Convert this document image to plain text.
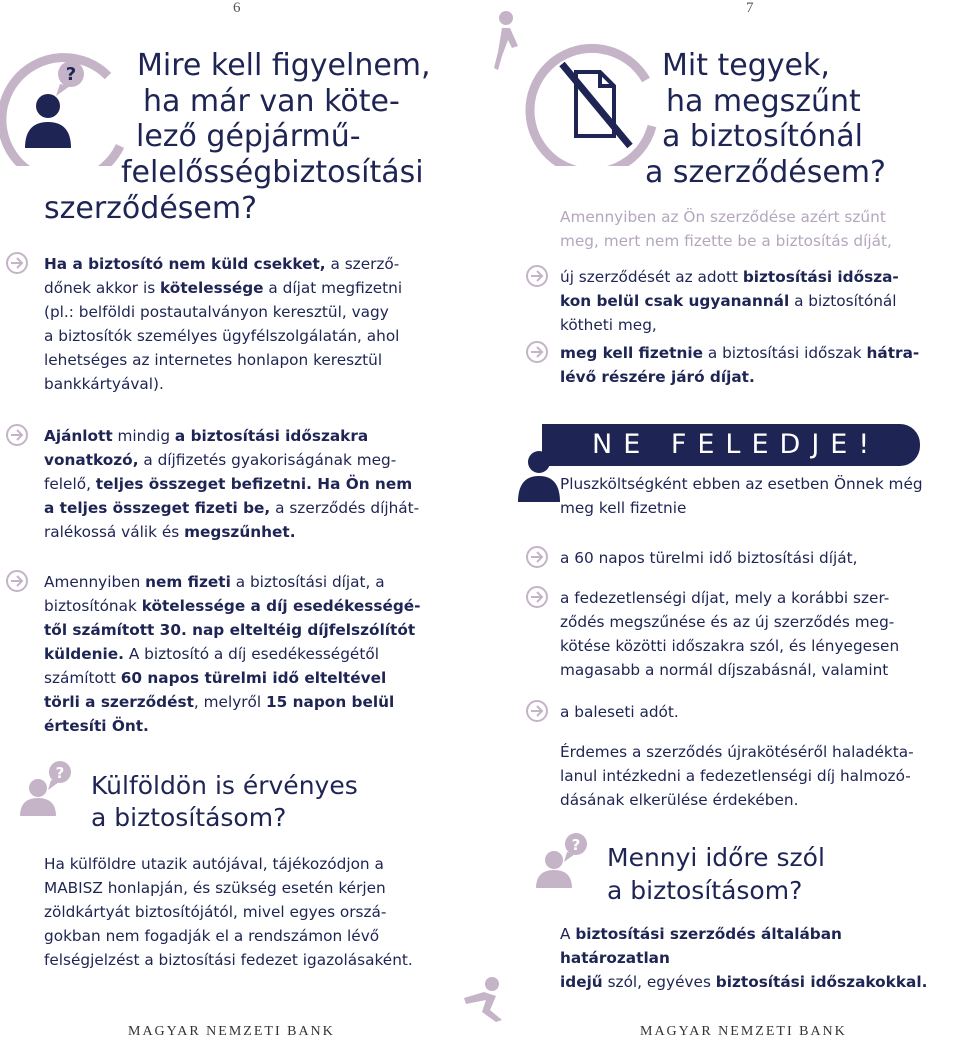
6	7
? Mire kell figyelnem,
ha már van köte-
lező gépjármű-
felelősségbiztosítási
szerződésem?
Ha a biztosító nem küld csekket, a szerző-
dőnek akkor is kötelessége a díjat megfizetni
(pl.: belföldi postautalványon keresztül, vagy
a biztosítók személyes ügyfélszolgálatán, ahol
lehetséges az internetes honlapon keresztül
bankkártyával).
Ajánlott mindig a biztosítási időszakra
vonatkozó, a díjfizetés gyakoriságának meg-
felelő, teljes összeget befizetni. Ha Ön nem
a teljes összeget fizeti be, a szerződés díjhát-
ralékossá válik és megszűnhet.
Amennyiben nem fizeti a biztosítási díjat, a
biztosítónak kötelessége a díj esedékességé-
től számított 30. nap elteltéig díjfelszólítót
küldenie. A biztosító a díj esedékességétől
számított 60 napos türelmi idő elteltével
törli a szerződést, melyről 15 napon belül
értesíti Önt.
? Külföldön is érvényes
a biztosításom?
Ha külföldre utazik autójával, tájékozódjon a
MABISZ honlapján, és szükség esetén kérjen
zöldkártyát biztosítójától, mivel egyes orszá-
gokban nem fogadják el a rendszámon lévő
felségjelzést a biztosítási fedezet igazolásaként.
Mit tegyek,
ha megszűnt
a biztosítónál
a szerződésem?
Amennyiben az Ön szerződése azért szűnt
meg, mert nem fizette be a biztosítás díját,
új szerződését az adott biztosítási idősza-
kon belül csak ugyanannál a biztosítónál
kötheti meg,
meg kell fizetnie a biztosítási időszak hátra-
lévő részére járó díjat.
NE FELEDJE!
Pluszköltségként ebben az esetben Önnek még
meg kell fizetnie
a 60 napos türelmi idő biztosítási díját,
a fedezetlenségi díjat, mely a korábbi szer-
ződés megszűnése és az új szerződés meg-
kötése közötti időszakra szól, és lényegesen
magasabb a normál díjszabásnál, valamint
a baleseti adót.
Érdemes a szerződés újrakötéséről haladékta-
lanul intézkedni a fedezetlenségi díj halmozó-
dásának elkerülése érdekében.
? Mennyi időre szól
a biztosításom?
A biztosítási szerződés általában határozatlan
idejű szól, egyéves biztosítási időszakokkal.
MAGYAR NEMZETI BANK	MAGYAR NEMZETI BANK
